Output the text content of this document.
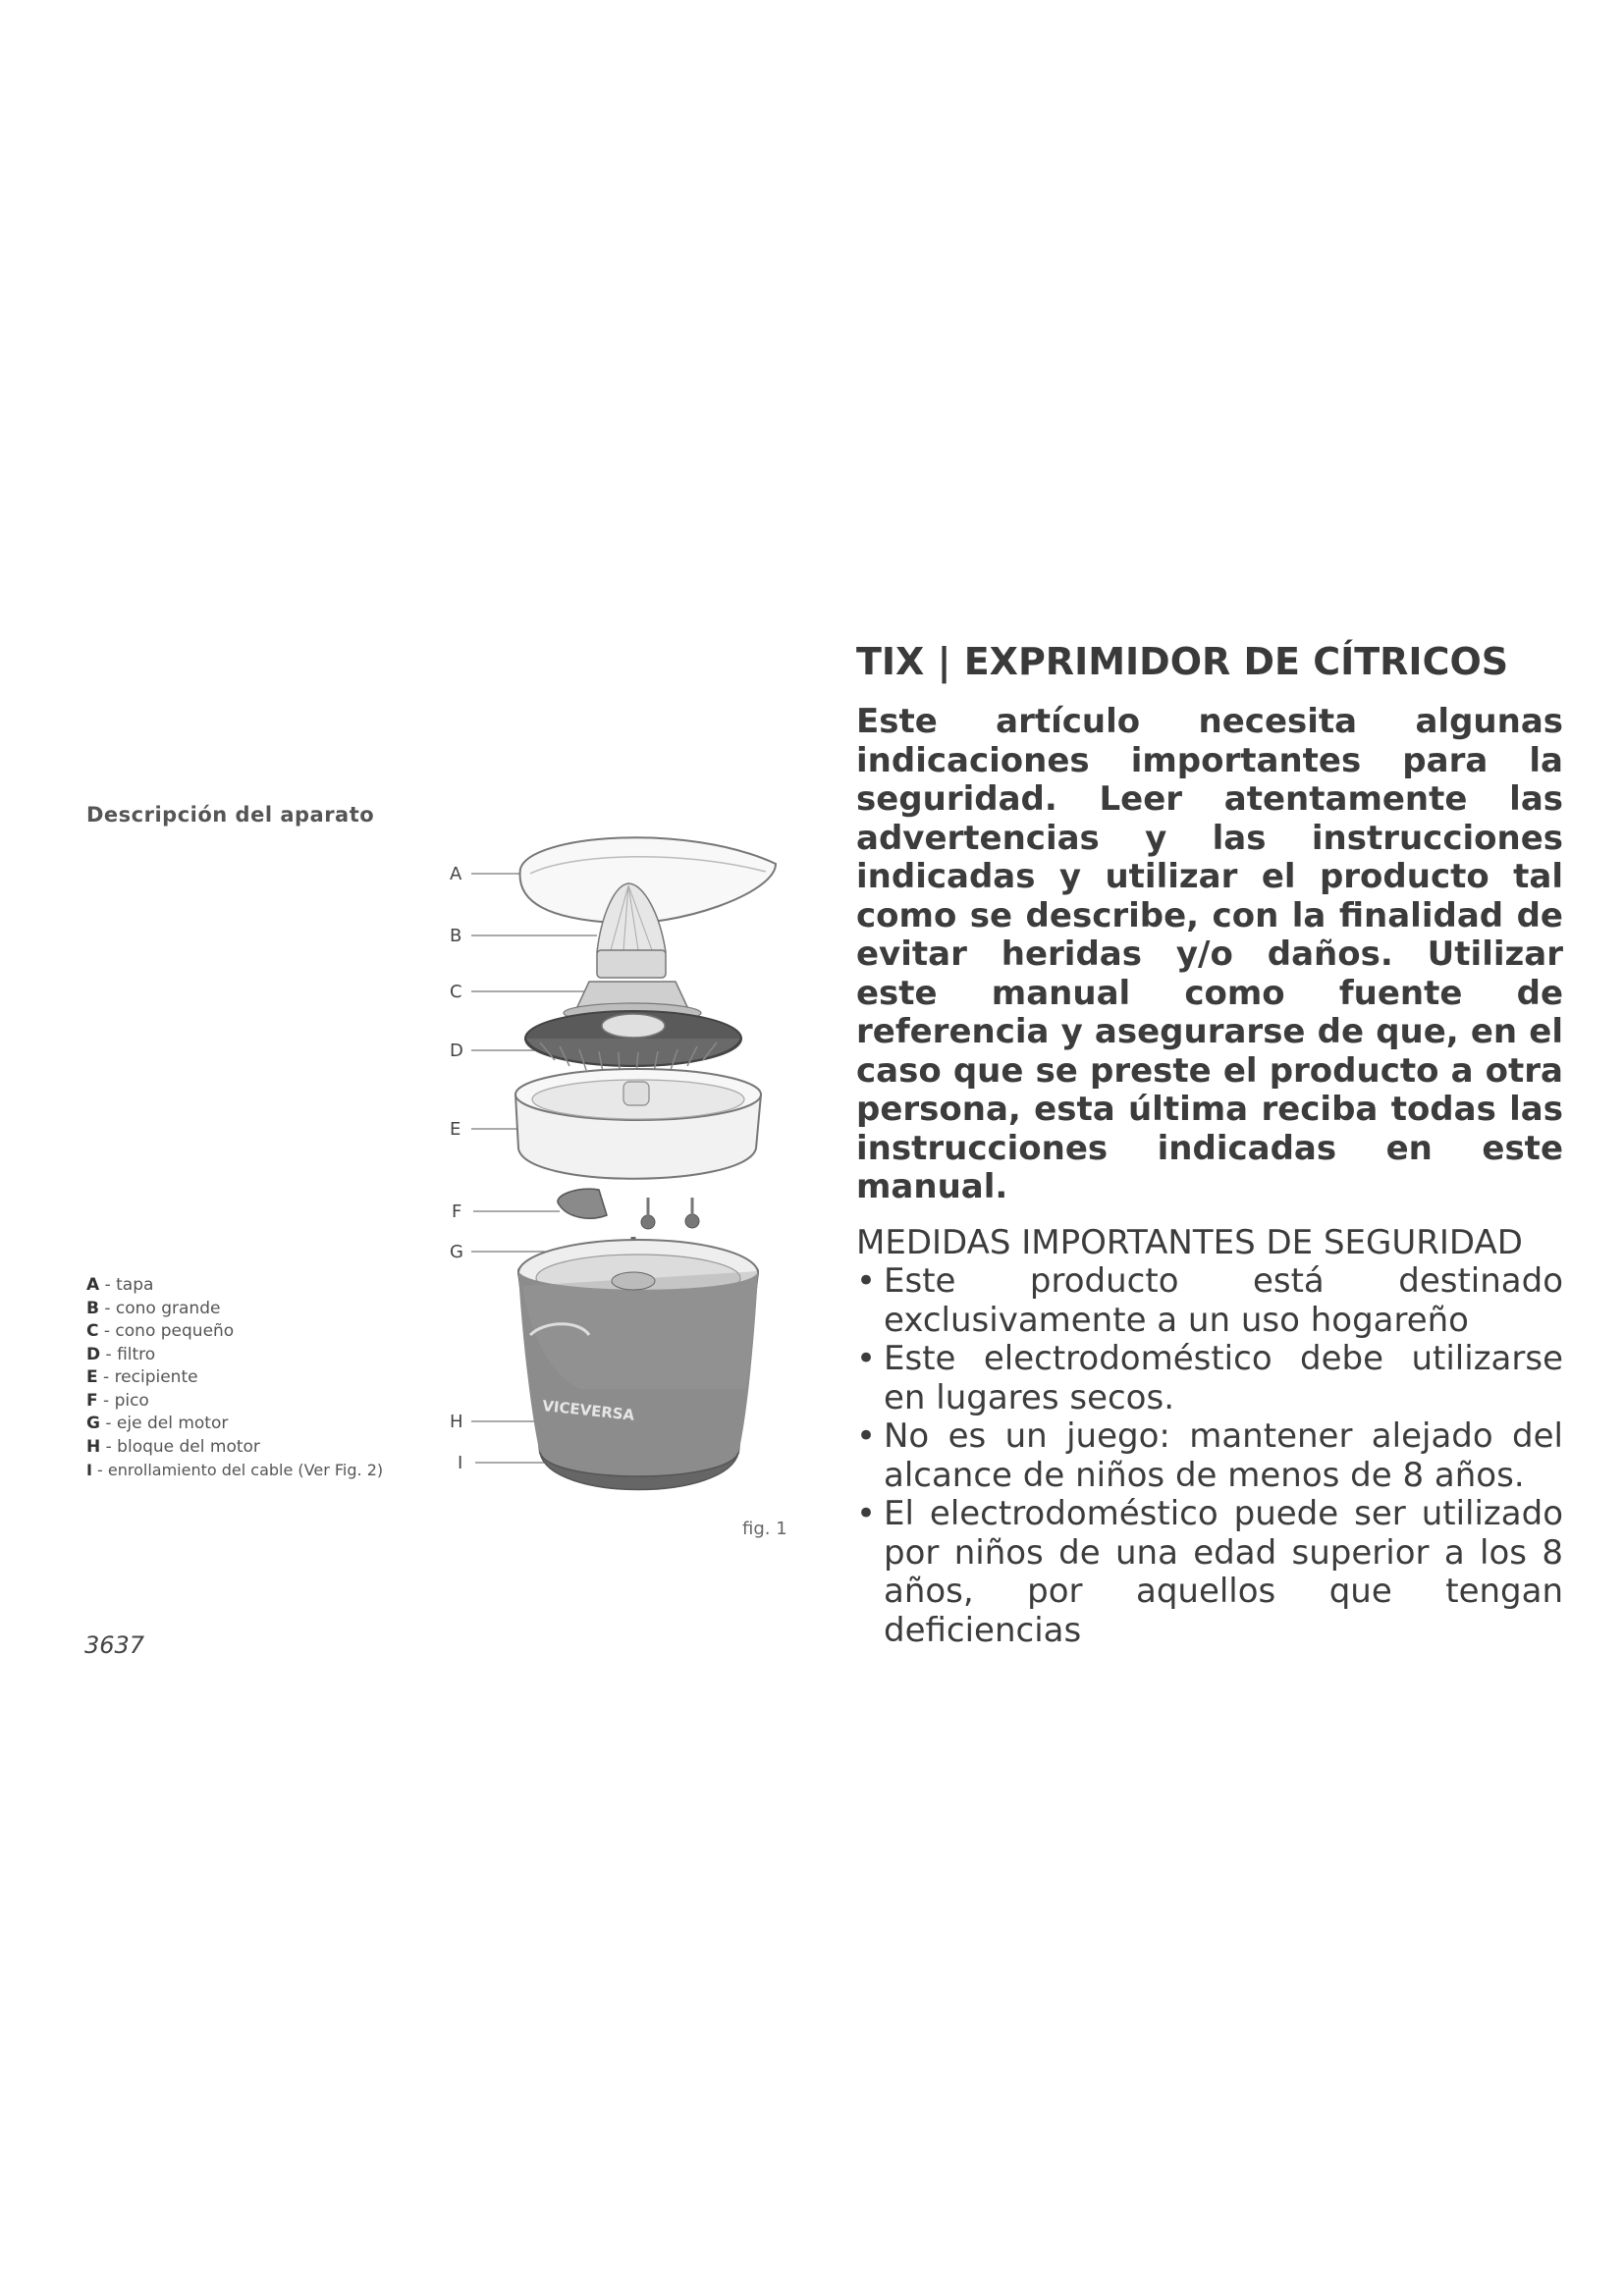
Descripción del aparato
A
B
C
D
E
F
G
H
I
VICEVERSA
A - tapa
B - cono grande
C - cono pequeño
D - filtro
E - recipiente
F - pico
G - eje del motor
H - bloque del motor
I - enrollamiento del cable (Ver Fig. 2)
fig. 1
3637
TIX | EXPRIMIDOR DE CÍTRICOS
Este artículo necesita algunas indicaciones importantes para la seguridad. Leer atentamente las advertencias y las instrucciones indicadas y utilizar el producto tal como se describe, con la finalidad de evitar heridas y/o daños. Utilizar este manual como fuente de referencia y asegurarse de que, en el caso que se preste el producto a otra persona, esta última reciba todas las instrucciones indicadas en este manual.
MEDIDAS IMPORTANTES DE SEGURIDAD
• Este producto está destinado exclusivamente a un uso hogareño
• Este electrodoméstico debe utilizarse en lugares secos.
• No es un juego: mantener alejado del alcance de niños de menos de 8 años.
• El electrodoméstico puede ser utilizado por niños de una edad superior a los 8 años, por aquellos que tengan deficiencias
